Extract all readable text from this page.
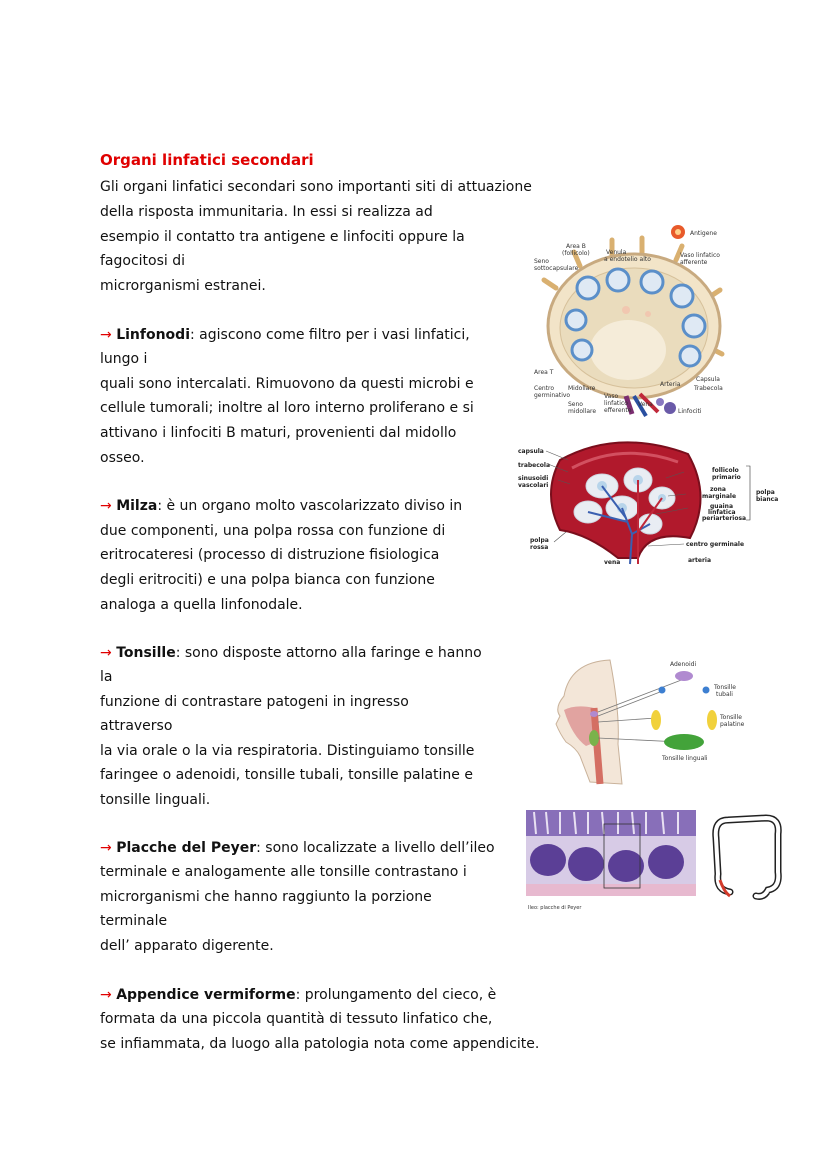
Organi linfatici secondari
Gli organi linfatici secondari sono importanti siti di attuazione
della risposta immunitaria. In essi si realizza ad
esempio il contatto tra antigene e linfociti oppure la
fagocitosi di
microrganismi estranei.
→ Linfonodi: agiscono come filtro per i vasi linfatici,
lungo i
quali sono intercalati. Rimuovono da questi microbi e
cellule tumorali; inoltre al loro interno proliferano e si
attivano i linfociti B maturi, provenienti dal midollo
osseo.
→ Milza: è un organo molto vascolarizzato diviso in
due componenti, una polpa rossa con funzione di
eritrocateresi (processo di distruzione fisiologica
degli eritrociti) e una polpa bianca con funzione
analoga a quella linfonodale.
→ Tonsille: sono disposte attorno alla faringe e hanno
la
funzione di contrastare patogeni in ingresso
attraverso
la via orale o la via respiratoria. Distinguiamo tonsille
faringee o adenoidi, tonsille tubali, tonsille palatine e
tonsille linguali.
→ Placche del Peyer: sono localizzate a livello dell’ileo
terminale e analogamente alle tonsille contrastano i
microrganismi che hanno raggiunto la porzione
terminale
dell’ apparato digerente.
→ Appendice vermiforme: prolungamento del cieco, è
formata da una piccola quantità di tessuto linfatico che,
se infiammata, da luogo alla patologia nota come appendicite.
Area B
(follicolo)	Venula
a endotelio alto
Antigene
Vaso linfatico
afferente
Seno
sottocapsulare
Area T
Centro
germinativo
Midollare
Seno
midollare
Vaso
linfatico
efferente
Vena
Arteria
Capsula
Trabecola
Linfociti
capsula
trabecola
sinusoidi
vascolari
polpa
rossa
vena	arteria
centro germinale
follicolo
primario
zona
marginale
guaina
linfatica
periarteriosa
polpa
bianca
Adenoidi
Tonsille
tubali
Tonsille
palatine
Tonsille linguali
Ileo: placche di Peyer
